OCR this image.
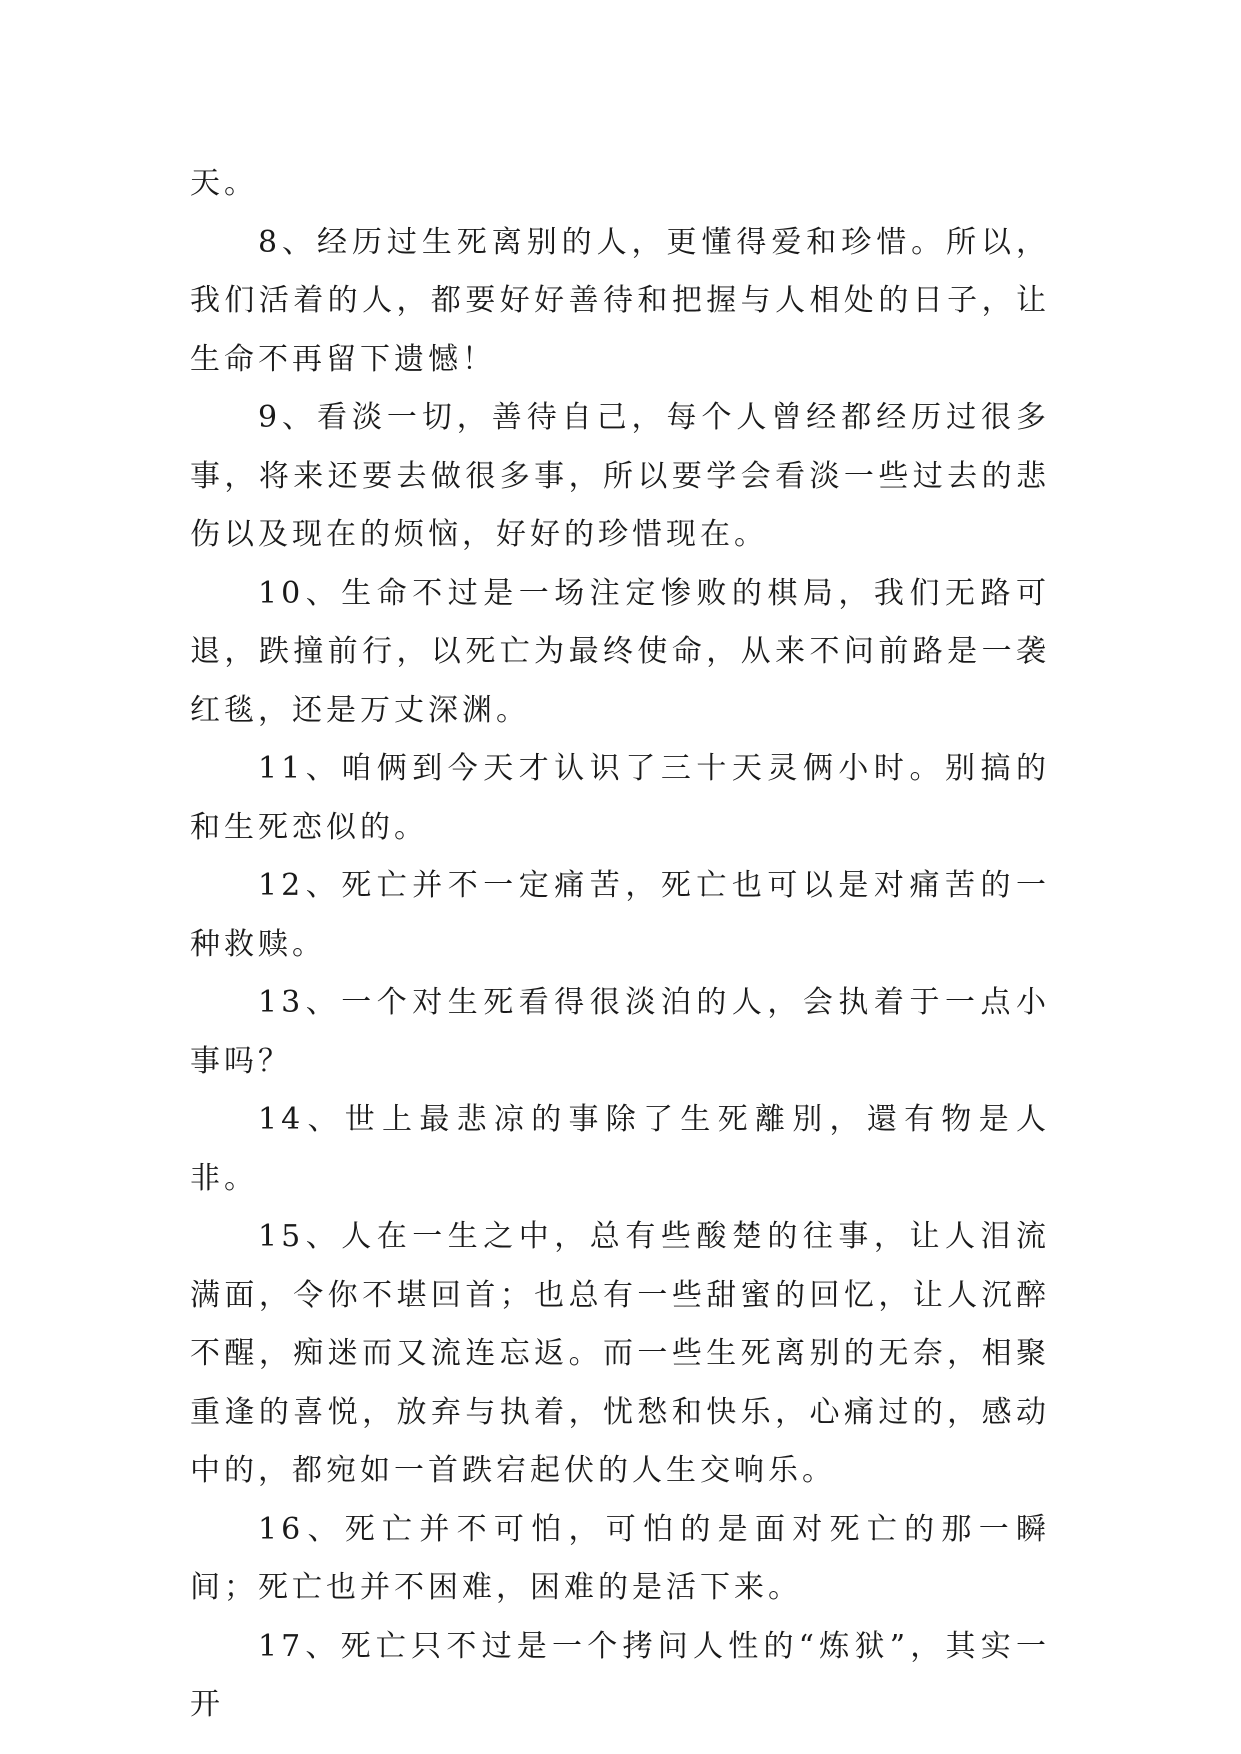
天。

8、经历过生死离别的人，更懂得爱和珍惜。所以，我们活着的人，都要好好善待和把握与人相处的日子，让生命不再留下遗憾！

9、看淡一切，善待自己，每个人曾经都经历过很多事，将来还要去做很多事，所以要学会看淡一些过去的悲伤以及现在的烦恼，好好的珍惜现在。

10、生命不过是一场注定惨败的棋局，我们无路可退，跌撞前行，以死亡为最终使命，从来不问前路是一袭红毯，还是万丈深渊。

11、咱俩到今天才认识了三十天灵俩小时。别搞的和生死恋似的。

12、死亡并不一定痛苦，死亡也可以是对痛苦的一种救赎。

13、一个对生死看得很淡泊的人，会执着于一点小事吗？

14、世上最悲凉的事除了生死離別，還有物是人非。

15、人在一生之中，总有些酸楚的往事，让人泪流满面，令你不堪回首；也总有一些甜蜜的回忆，让人沉醉不醒，痴迷而又流连忘返。而一些生死离别的无奈，相聚重逢的喜悦，放弃与执着，忧愁和快乐，心痛过的，感动中的，都宛如一首跌宕起伏的人生交响乐。

16、死亡并不可怕，可怕的是面对死亡的那一瞬间；死亡也并不困难，困难的是活下来。

17、死亡只不过是一个拷问人性的“炼狱”，其实一开
